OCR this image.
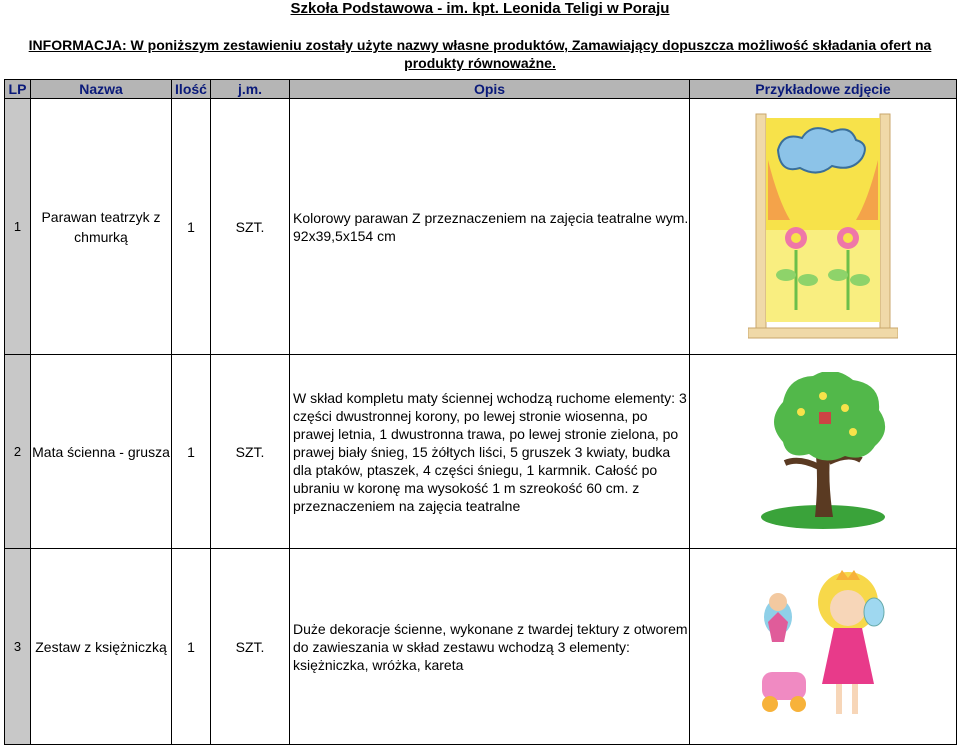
Szkoła Podstawowa - im. kpt. Leonida Teligi w Poraju
INFORMACJA: W poniższym zestawieniu zostały użyte nazwy własne produktów, Zamawiający dopuszcza możliwość składania ofert na produkty równoważne.
LP	Nazwa	Ilość	j.m.	Opis	Przykładowe zdjęcie
1	Parawan teatrzyk z chmurką	1	SZT.	Kolorowy parawan Z przeznaczeniem na zajęcia teatralne wym. 92x39,5x154 cm	

2	Mata ścienna - grusza	1	SZT.	W skład kompletu maty ściennej wchodzą ruchome elementy: 3 części dwustronnej korony, po lewej stronie wiosenna, po prawej letnia, 1 dwustronna trawa, po lewej stronie zielona, po prawej biały śnieg, 15 żółtych liści, 5 gruszek 3 kwiaty, budka dla ptaków, ptaszek, 4 części śniegu, 1 karmnik. Całość po ubraniu w koronę ma wysokość 1 m szreokość 60 cm. z przeznaczeniem na zajęcia teatralne	

3	Zestaw z księżniczką	1	SZT.	Duże dekoracje ścienne, wykonane z twardej tektury z otworem do zawieszania w skład zestawu wchodzą 3 elementy: księżniczka, wróżka, kareta	
